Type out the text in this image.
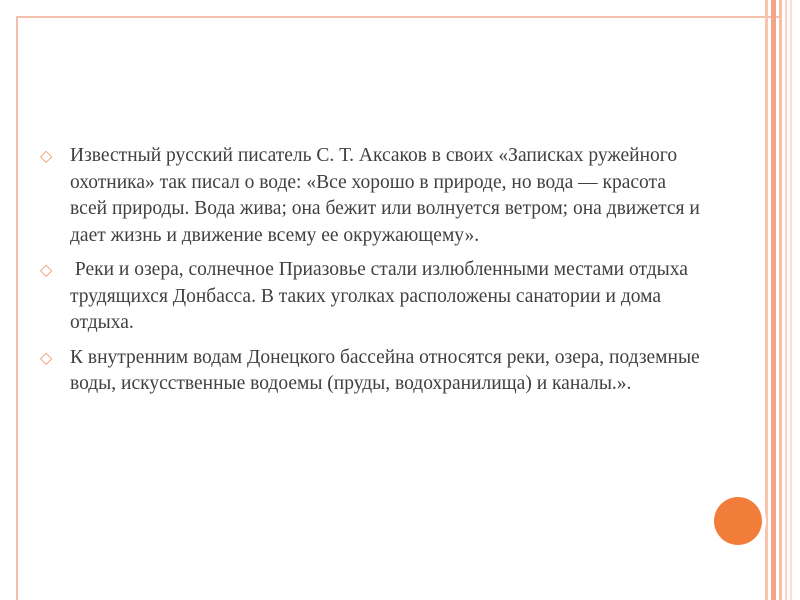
◇ Известный русский писатель С. Т. Аксаков в своих «Записках ружейного охотника» так писал о воде: «Все хорошо в природе, но вода — красота всей природы. Вода жива; она бежит или волнуется ветром; она движется и дает жизнь и движение всему ее окружающему».
◇ Реки и озера, солнечное Приазовье стали излюбленными местами отдыха трудящихся Донбасса. В таких уголках расположены санатории и дома отдыха.
◇ К внутренним водам Донецкого бассейна относятся реки, озера, подземные воды, искусственные водоемы (пруды, водохранилища) и каналы.».
